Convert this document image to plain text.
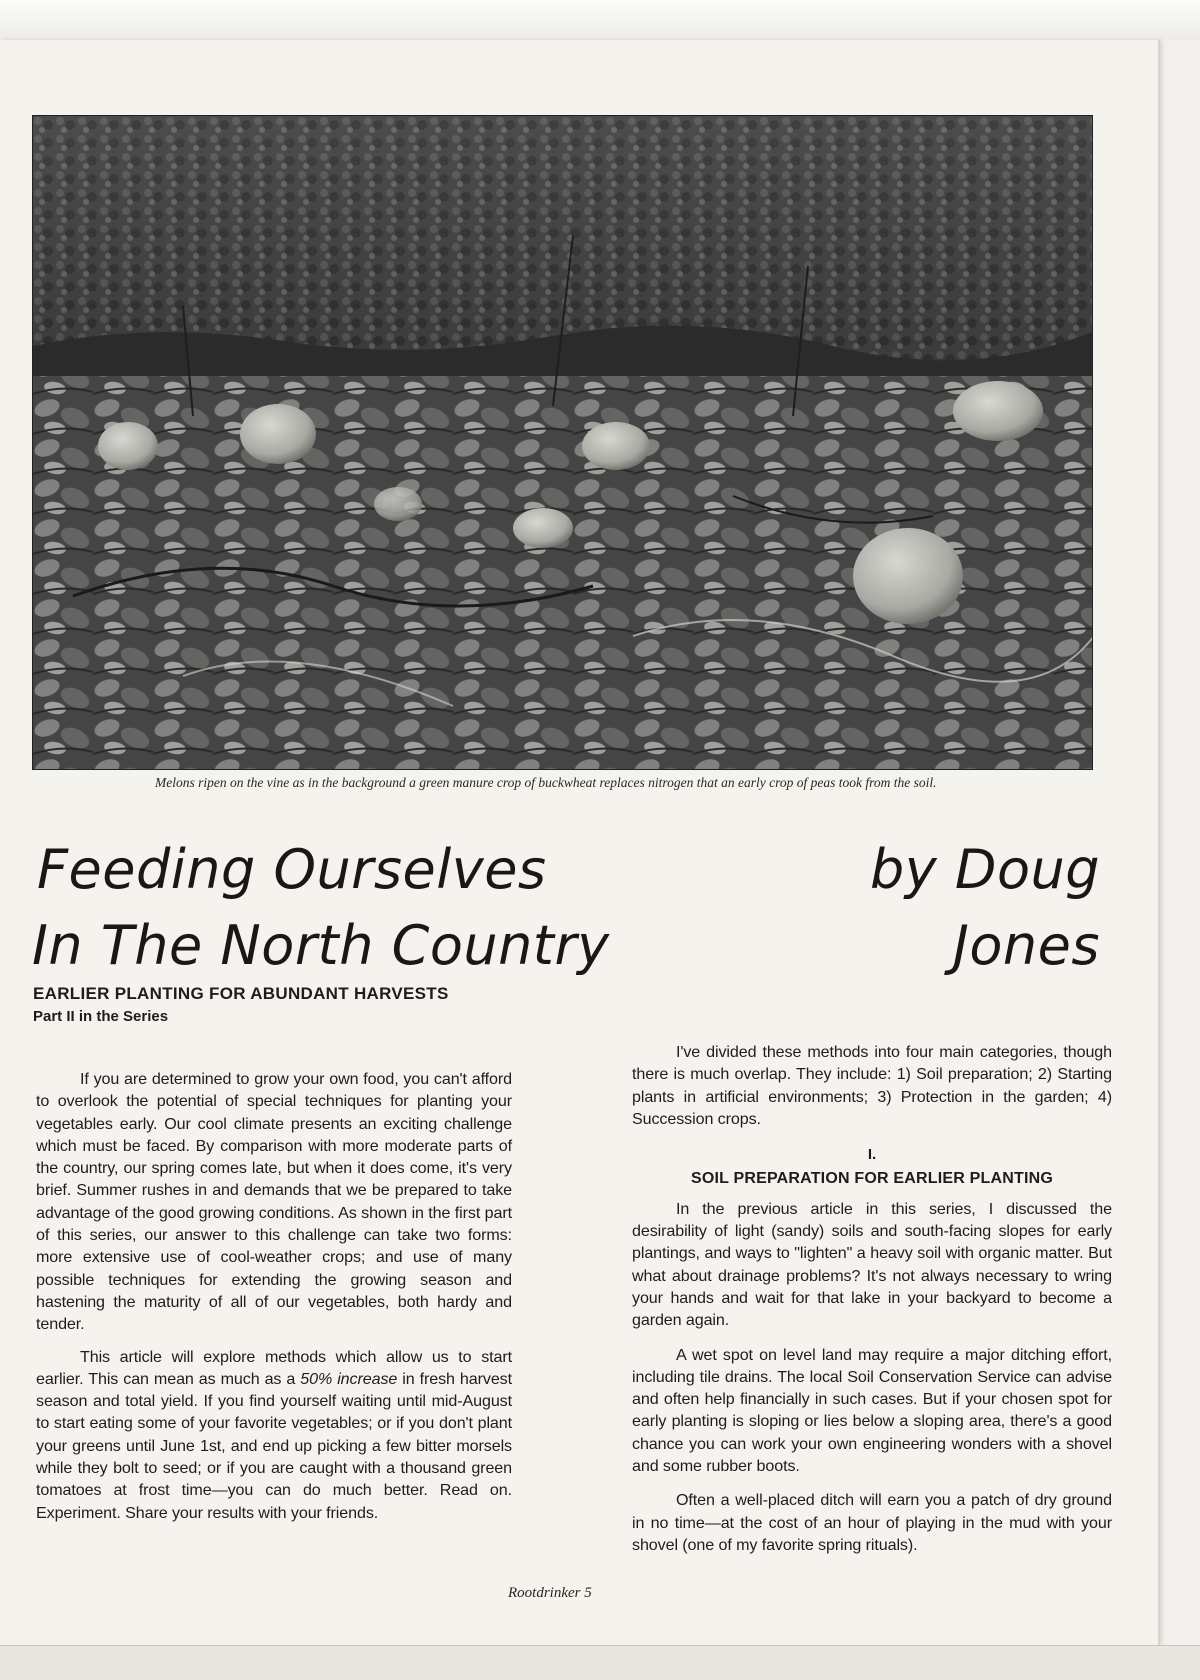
Melons ripen on the vine as in the background a green manure crop of buckwheat replaces nitrogen that an early crop of peas took from the soil.
Feeding Ourselves
In The North Country
by Doug
Jones
EARLIER PLANTING FOR ABUNDANT HARVESTS
Part II in the Series

If you are determined to grow your own food, you can't afford to overlook the potential of special techniques for planting your vegetables early. Our cool climate presents an exciting challenge which must be faced. By comparison with more moderate parts of the country, our spring comes late, but when it does come, it's very brief. Summer rushes in and demands that we be prepared to take advantage of the good growing conditions. As shown in the first part of this series, our answer to this challenge can take two forms: more extensive use of cool-weather crops; and use of many possible techniques for extending the growing season and hastening the maturity of all of our vegetables, both hardy and tender.

This article will explore methods which allow us to start earlier. This can mean as much as a 50% increase in fresh harvest season and total yield. If you find yourself waiting until mid-August to start eating some of your favorite vegetables; or if you don't plant your greens until June 1st, and end up picking a few bitter morsels while they bolt to seed; or if you are caught with a thousand green tomatoes at frost time—you can do much better. Read on. Experiment. Share your results with your friends.

I've divided these methods into four main categories, though there is much overlap. They include: 1) Soil preparation; 2) Starting plants in artificial environments; 3) Protection in the garden; 4) Succession crops.

I.
SOIL PREPARATION FOR EARLIER PLANTING

In the previous article in this series, I discussed the desirability of light (sandy) soils and south-facing slopes for early plantings, and ways to "lighten" a heavy soil with organic matter. But what about drainage problems? It's not always necessary to wring your hands and wait for that lake in your backyard to become a garden again.

A wet spot on level land may require a major ditching effort, including tile drains. The local Soil Conservation Service can advise and often help financially in such cases. But if your chosen spot for early planting is sloping or lies below a sloping area, there's a good chance you can work your own engineering wonders with a shovel and some rubber boots.

Often a well-placed ditch will earn you a patch of dry ground in no time—at the cost of an hour of playing in the mud with your shovel (one of my favorite spring rituals).

Rootdrinker 5
